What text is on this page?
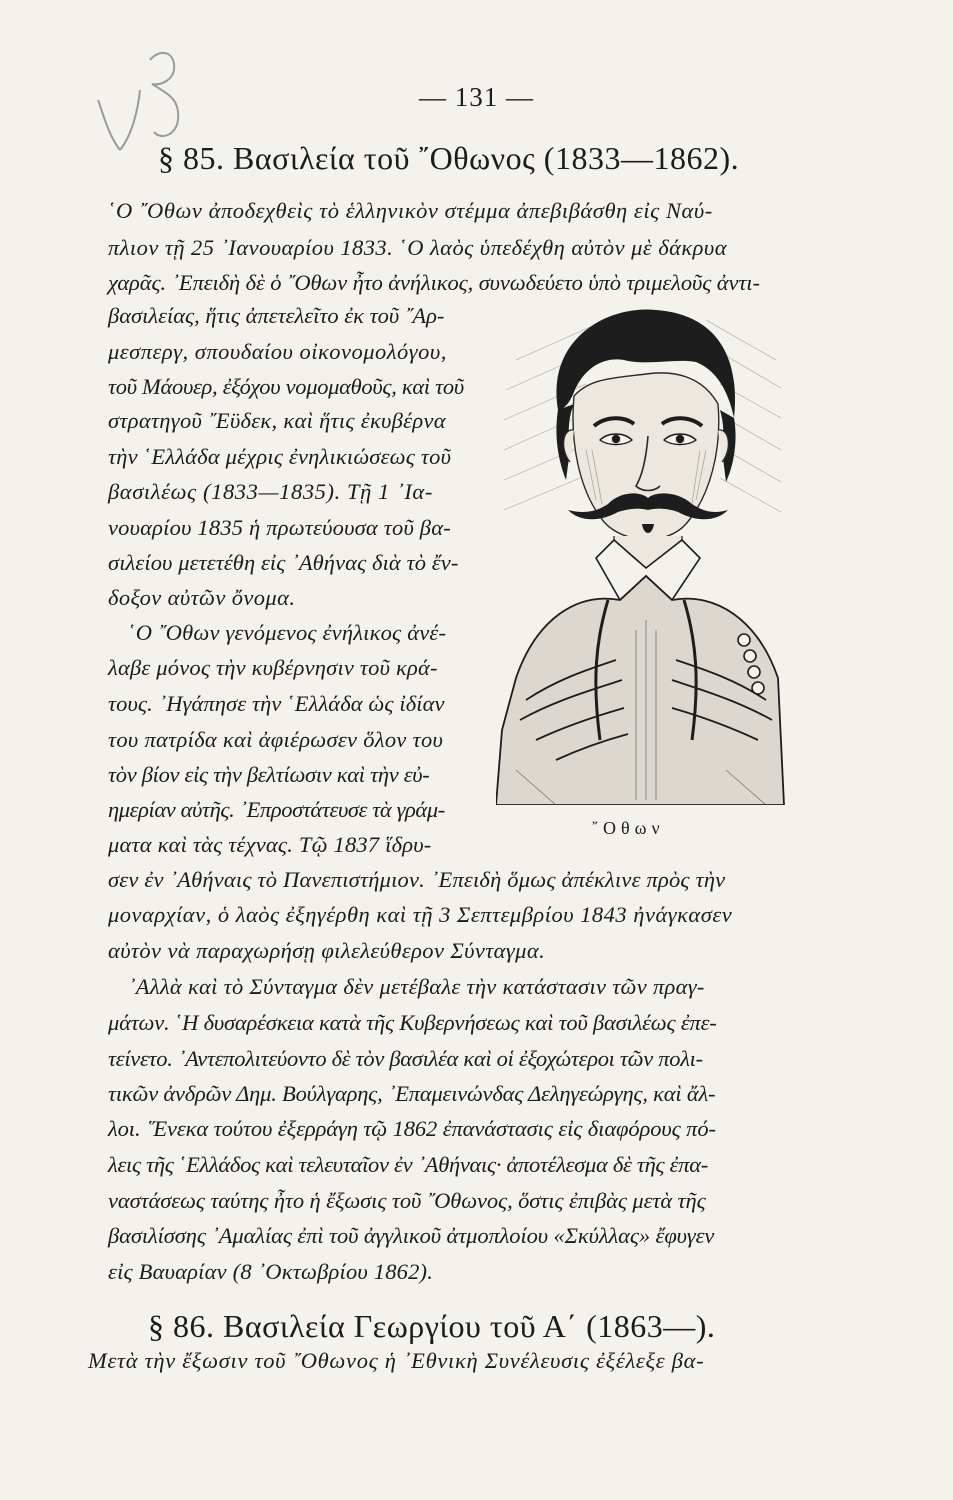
— 131 —
§ 85. Βασιλεία τοῦ ῎Οθωνος (1833—1862).
῾Ο ῎Οθων ἀποδεχθεὶς τὸ ἑλληνικὸν στέμμα ἀπεβιβάσθη εἰς Ναύ-
πλιον τῇ 25 ᾽Ιανουαρίου 1833. ῾Ο λαὸς ὑπεδέχθη αὐτὸν μὲ δάκρυα
χαρᾶς. ᾽Επειδὴ δὲ ὁ ῎Οθων ἦτο ἀνήλικος, συνωδεύετο ὑπὸ τριμελοῦς ἀντι-
βασιλείας, ἥτις ἀπετελεῖτο ἐκ τοῦ ῎Αρ-
μεσπεργ, σπουδαίου οἰκονομολόγου,
τοῦ Μάουερ, ἐξόχου νομομαθοῦς, καὶ τοῦ
στρατηγοῦ ῎Εϋδεκ, καὶ ἥτις ἐκυβέρνα
τὴν ῾Ελλάδα μέχρις ἐνηλικιώσεως τοῦ
βασιλέως (1833—1835). Τῇ 1 ᾽Ια-
νουαρίου 1835 ἡ πρωτεύουσα τοῦ βα-
σιλείου μετετέθη εἰς ᾽Αθήνας διὰ τὸ ἔν-
δοξον αὐτῶν ὄνομα.
῾Ο ῎Οθων γενόμενος ἐνήλικος ἀνέ-
λαβε μόνος τὴν κυβέρνησιν τοῦ κρά-
τους. ᾽Ηγάπησε τὴν ῾Ελλάδα ὡς ἰδίαν
του πατρίδα καὶ ἀφιέρωσεν ὅλον του
τὸν βίον εἰς τὴν βελτίωσιν καὶ τὴν εὐ-
ημερίαν αὐτῆς. ᾽Επροστάτευσε τὰ γράμ-
ματα καὶ τὰς τέχνας. Τῷ 1837 ἵδρυ-
σεν ἐν ᾽Αθήναις τὸ Πανεπιστήμιον. ᾽Επειδὴ ὅμως ἀπέκλινε πρὸς τὴν
μοναρχίαν, ὁ λαὸς ἐξηγέρθη καὶ τῇ 3 Σεπτεμβρίου 1843 ἠνάγκασεν
αὐτὸν νὰ παραχωρήσῃ φιλελεύθερον Σύνταγμα.
᾽Αλλὰ καὶ τὸ Σύνταγμα δὲν μετέβαλε τὴν κατάστασιν τῶν πραγ-
μάτων. ῾Η δυσαρέσκεια κατὰ τῆς Κυβερνήσεως καὶ τοῦ βασιλέως ἐπε-
τείνετο. ᾽Αντεπολιτεύοντο δὲ τὸν βασιλέα καὶ οἱ ἐξοχώτεροι τῶν πολι-
τικῶν ἀνδρῶν Δημ. Βούλγαρης, ᾽Επαμεινώνδας Δεληγεώργης, καὶ ἄλ-
λοι. ῞Ενεκα τούτου ἐξερράγη τῷ 1862 ἐπανάστασις εἰς διαφόρους πό-
λεις τῆς ῾Ελλάδος καὶ τελευταῖον ἐν ᾽Αθήναις· ἀποτέλεσμα δὲ τῆς ἐπα-
ναστάσεως ταύτης ἦτο ἡ ἔξωσις τοῦ ῎Οθωνος, ὅστις ἐπιβὰς μετὰ τῆς
βασιλίσσης ᾽Αμαλίας ἐπὶ τοῦ ἀγγλικοῦ ἀτμοπλοίου «Σκύλλας» ἔφυγεν
εἰς Βαυαρίαν (8 ᾽Οκτωβρίου 1862).
῎Οθων
§ 86. Βασιλεία Γεωργίου τοῦ Α΄ (1863—).
Μετὰ τὴν ἔξωσιν τοῦ ῎Οθωνος ἡ ᾽Εθνικὴ Συνέλευσις ἐξέλεξε βα-
